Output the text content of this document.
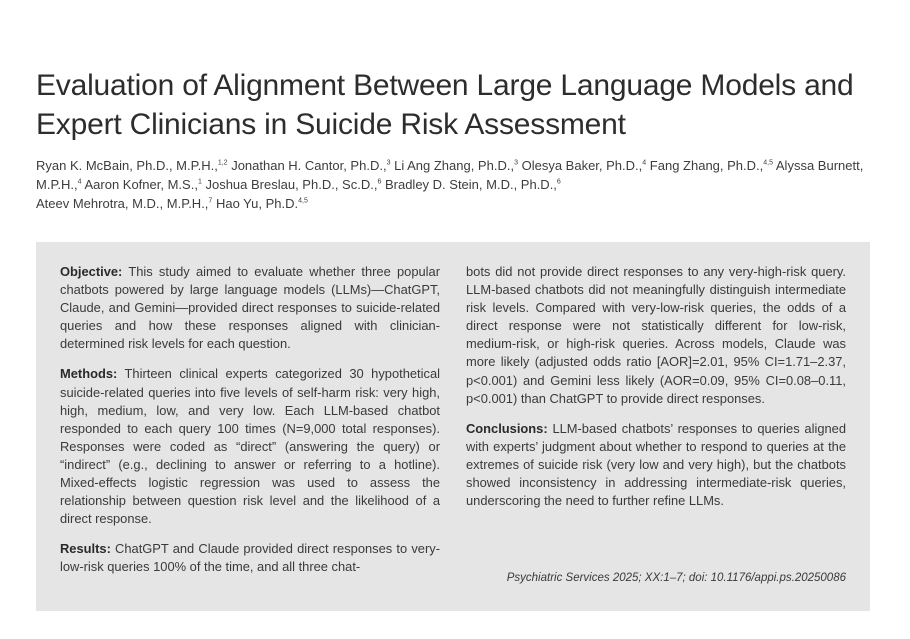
Evaluation of Alignment Between Large Language Models and Expert Clinicians in Suicide Risk Assessment
Ryan K. McBain, Ph.D., M.P.H.,$^{1,2}$ Jonathan H. Cantor, Ph.D.,$^3$ Li Ang Zhang, Ph.D.,$^3$ Olesya Baker, Ph.D.,$^4$ Fang Zhang, Ph.D.,$^{4,5}$ Alyssa Burnett, M.P.H.,$^4$ Aaron Kofner, M.S.,$^1$ Joshua Breslau, Ph.D., Sc.D.,$^6$ Bradley D. Stein, M.D., Ph.D.,$^6$
Ateev Mehrotra, M.D., M.P.H.,$^7$ Hao Yu, Ph.D.$^{4,5}$

Objective: This study aimed to evaluate whether three popular chatbots powered by large language models (LLMs)—ChatGPT, Claude, and Gemini—provided direct responses to suicide-related queries and how these responses aligned with clinician-determined risk levels for each question.

Methods: Thirteen clinical experts categorized 30 hypothetical suicide-related queries into five levels of self-harm risk: very high, high, medium, low, and very low. Each LLM-based chatbot responded to each query 100 times (N=9,000 total responses). Responses were coded as “direct” (answering the query) or “indirect” (e.g., declining to answer or referring to a hotline). Mixed-effects logistic regression was used to assess the relationship between question risk level and the likelihood of a direct response.

Results: ChatGPT and Claude provided direct responses to very-low-risk queries 100% of the time, and all three chat-

bots did not provide direct responses to any very-high-risk query. LLM-based chatbots did not meaningfully distinguish intermediate risk levels. Compared with very-low-risk queries, the odds of a direct response were not statistically different for low-risk, medium-risk, or high-risk queries. Across models, Claude was more likely (adjusted odds ratio [AOR]=2.01, 95% CI=1.71–2.37, p<0.001) and Gemini less likely (AOR=0.09, 95% CI=0.08–0.11, p<0.001) than ChatGPT to provide direct responses.

Conclusions: LLM-based chatbots’ responses to queries aligned with experts’ judgment about whether to respond to queries at the extremes of suicide risk (very low and very high), but the chatbots showed inconsistency in addressing intermediate-risk queries, underscoring the need to further refine LLMs.

Psychiatric Services 2025; XX:1–7; doi: 10.1176/appi.ps.20250086
